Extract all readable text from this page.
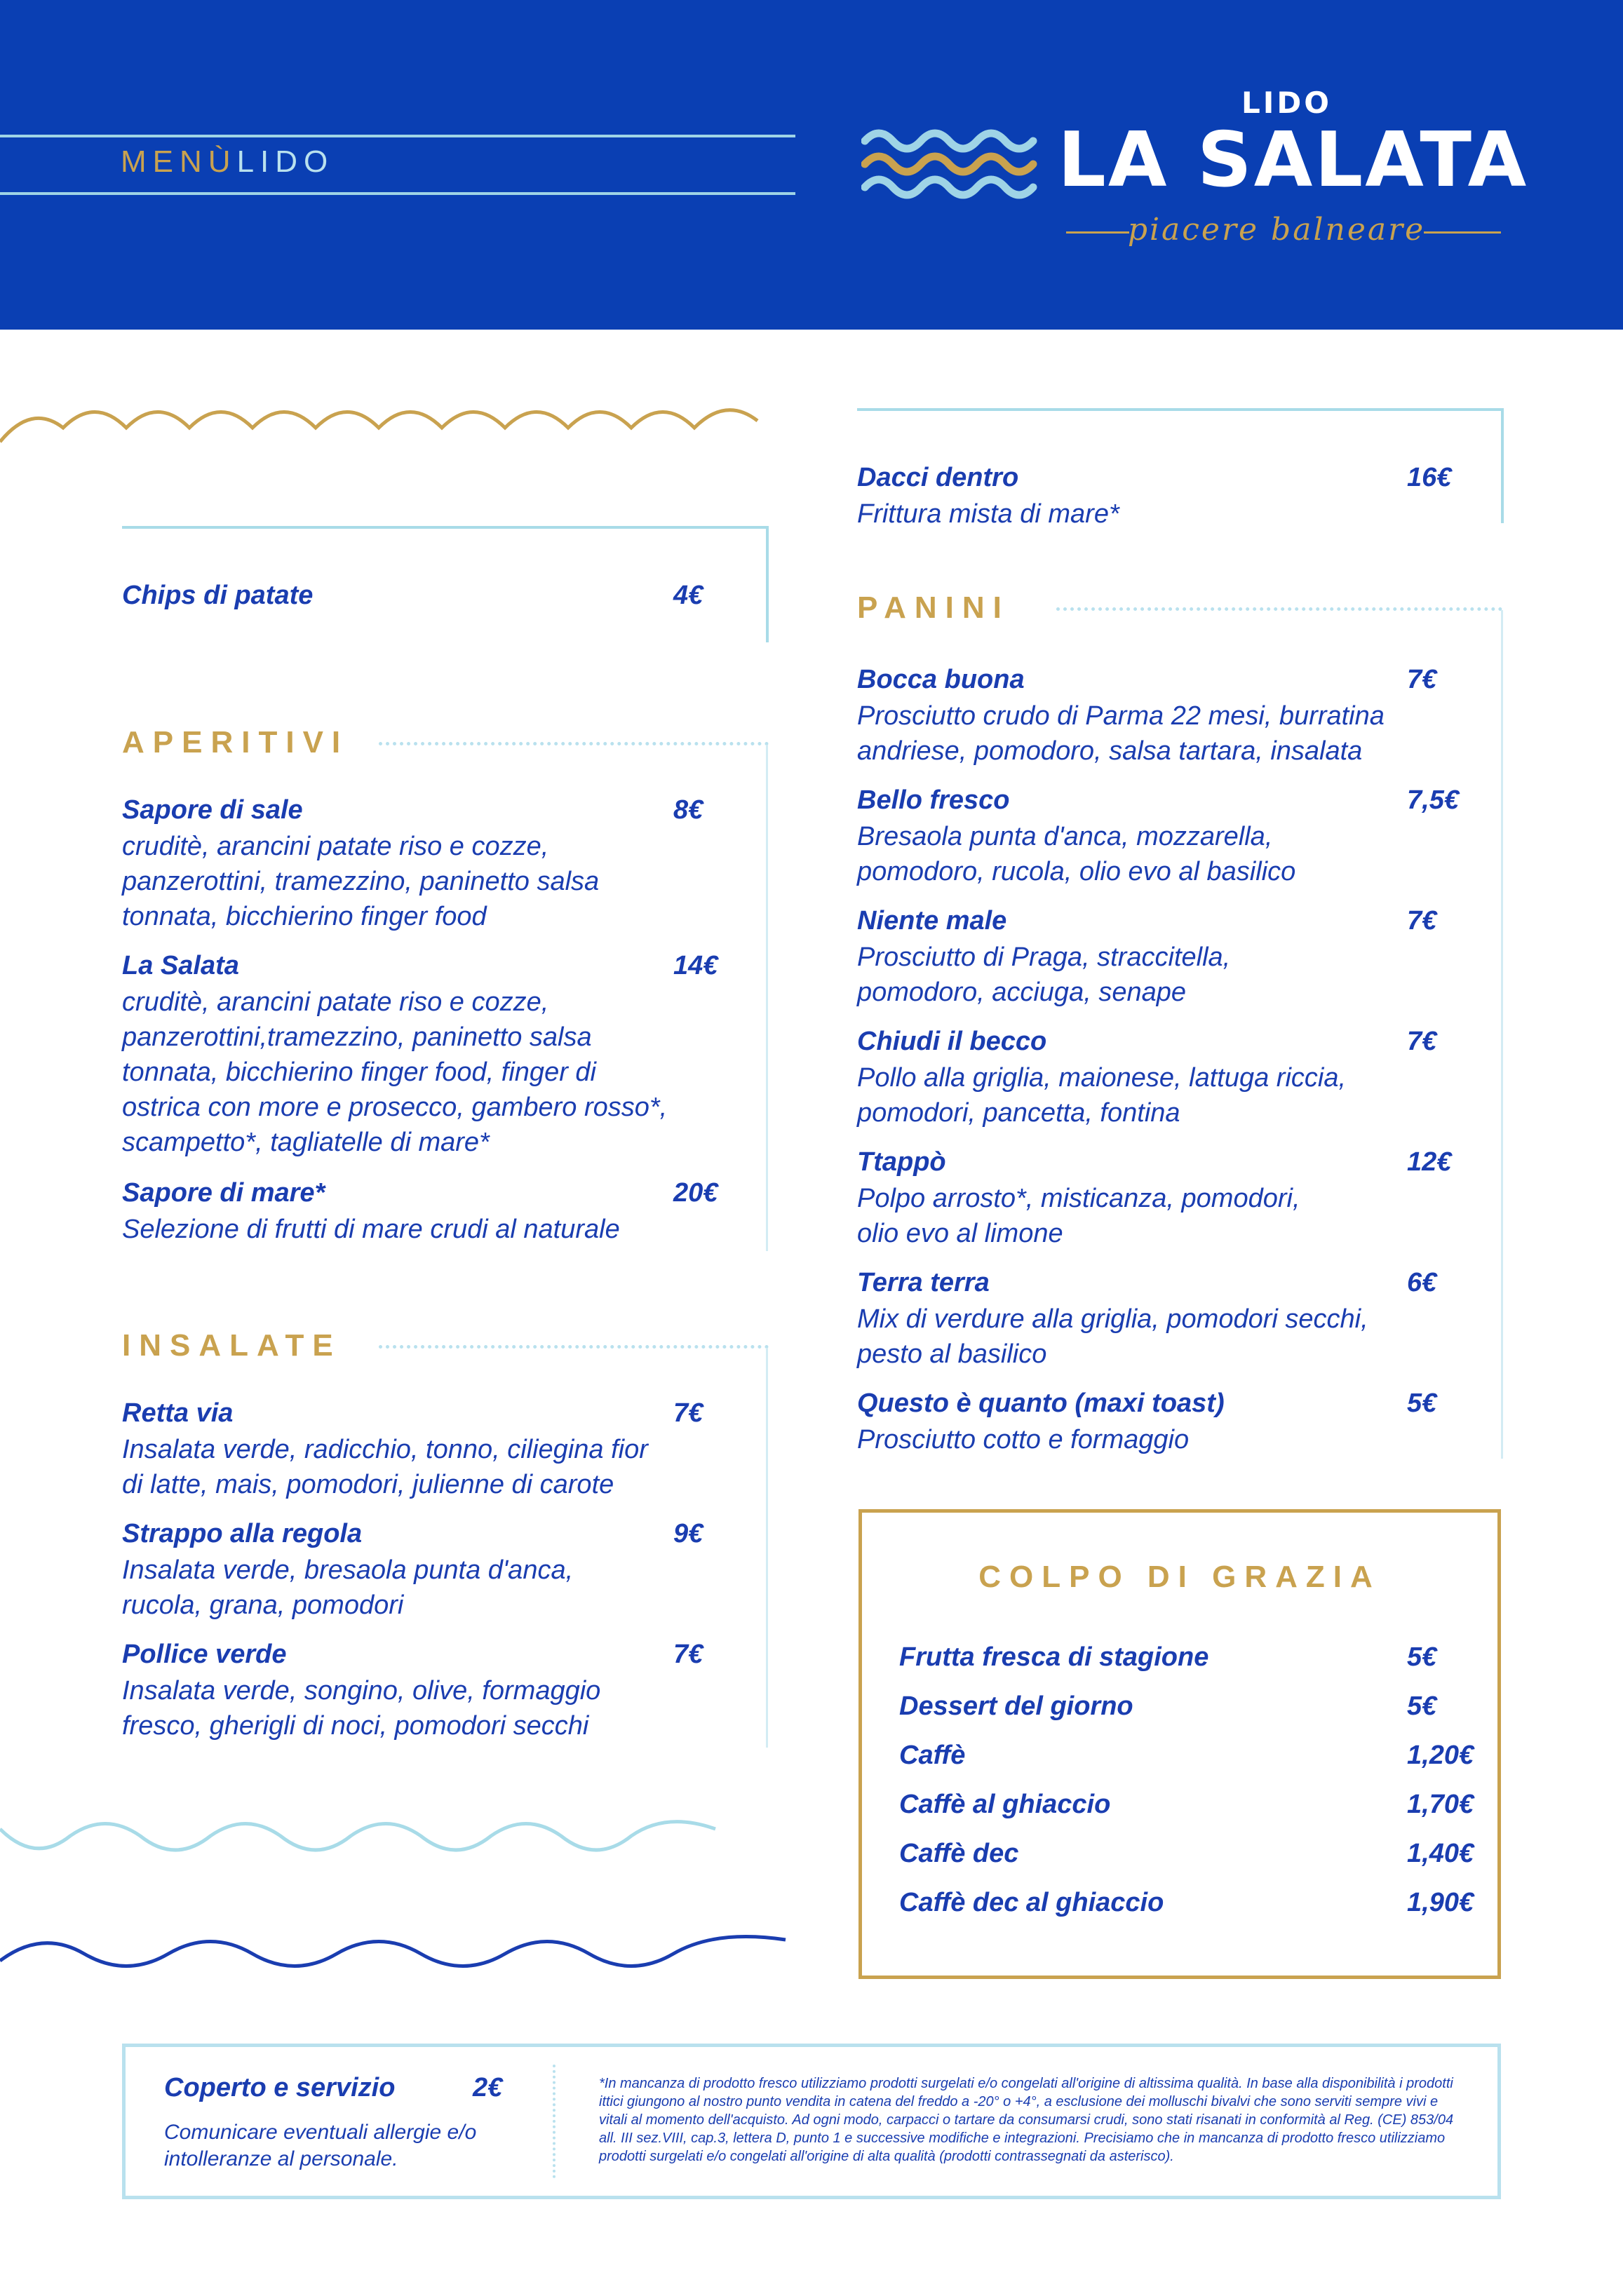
MENÙLIDO
LIDO
LA SALATA
piacere balneare
Chips di patate	4€
APERITIVI
Sapore di sale	8€
cruditè, arancini patate riso e cozze, panzerottini, tramezzino, paninetto salsa tonnata, bicchierino finger food
La Salata	14€
cruditè, arancini patate riso e cozze, panzerottini,tramezzino, paninetto salsa tonnata, bicchierino finger food, finger di ostrica con more e prosecco, gambero rosso*, scampetto*, tagliatelle di mare*
Sapore di mare*	20€
Selezione di frutti di mare crudi al naturale
INSALATE
Retta via	7€
Insalata verde, radicchio, tonno, ciliegina fior di latte, mais, pomodori, julienne di carote
Strappo alla regola	9€
Insalata verde, bresaola punta d'anca, rucola, grana, pomodori
Pollice verde	7€
Insalata verde, songino, olive, formaggio fresco, gherigli di noci, pomodori secchi
Dacci dentro	16€
Frittura mista di mare*
PANINI
Bocca buona	7€
Prosciutto crudo di Parma 22 mesi, burratina andriese, pomodoro, salsa tartara, insalata
Bello fresco	7,5€
Bresaola punta d'anca, mozzarella, pomodoro, rucola, olio evo al basilico
Niente male	7€
Prosciutto di Praga, straccitella, pomodoro, acciuga, senape
Chiudi il becco	7€
Pollo alla griglia, maionese, lattuga riccia, pomodori, pancetta, fontina
Ttappò	12€
Polpo arrosto*, misticanza, pomodori, olio evo al limone
Terra terra	6€
Mix di verdure alla griglia, pomodori secchi, pesto al basilico
Questo è quanto (maxi toast)	5€
Prosciutto cotto e formaggio
COLPO DI GRAZIA
Frutta fresca di stagione	5€
Dessert del giorno	5€
Caffè	1,20€
Caffè al ghiaccio	1,70€
Caffè dec	1,40€
Caffè dec al ghiaccio	1,90€
Coperto e servizio	2€
Comunicare eventuali allergie e/o intolleranze al personale.
*In mancanza di prodotto fresco utilizziamo prodotti surgelati e/o congelati all'origine di altissima qualità. In base alla disponibilità i prodotti ittici giungono al nostro punto vendita in catena del freddo a -20° o +4°, a esclusione dei molluschi bivalvi che sono serviti sempre vivi e vitali al momento dell'acquisto. Ad ogni modo, carpacci o tartare da consumarsi crudi, sono stati risanati in conformità al Reg. (CE) 853/04 all. III sez.VIII, cap.3, lettera D, punto 1 e successive modifiche e integrazioni. Precisiamo che in mancanza di prodotto fresco utilizziamo prodotti surgelati e/o congelati all'origine di alta qualità (prodotti contrassegnati da asterisco).
